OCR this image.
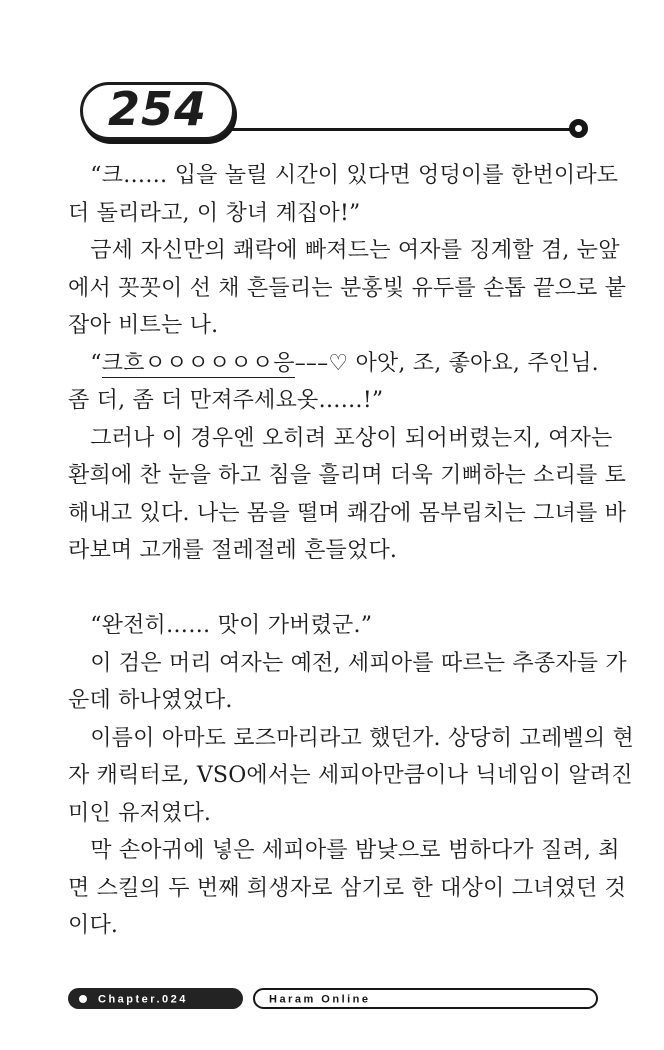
254
　“크…… 입을 놀릴 시간이 있다면 엉덩이를 한번이라도
더 돌리라고, 이 창녀 계집아!”
　금세 자신만의 쾌락에 빠져드는 여자를 징계할 겸, 눈앞
에서 꼿꼿이 선 채 흔들리는 분홍빛 유두를 손톱 끝으로 붙
잡아 비트는 나.
　“크흐ㅇㅇㅇㅇㅇㅇ응–––♡ 아앗, 조, 좋아요, 주인님.
좀 더, 좀 더 만져주세요옷……!”
　그러나 이 경우엔 오히려 포상이 되어버렸는지, 여자는
환희에 찬 눈을 하고 침을 흘리며 더욱 기뻐하는 소리를 토
해내고 있다. 나는 몸을 떨며 쾌감에 몸부림치는 그녀를 바
라보며 고개를 절레절레 흔들었다.
　“완전히…… 맛이 가버렸군.”
　이 검은 머리 여자는 예전, 세피아를 따르는 추종자들 가
운데 하나였었다.
　이름이 아마도 로즈마리라고 했던가. 상당히 고레벨의 현
자 캐릭터로, VSO에서는 세피아만큼이나 닉네임이 알려진
미인 유저였다.
　막 손아귀에 넣은 세피아를 밤낮으로 범하다가 질려, 최
면 스킬의 두 번째 희생자로 삼기로 한 대상이 그녀였던 것
이다.
Chapter.024	Haram Online
